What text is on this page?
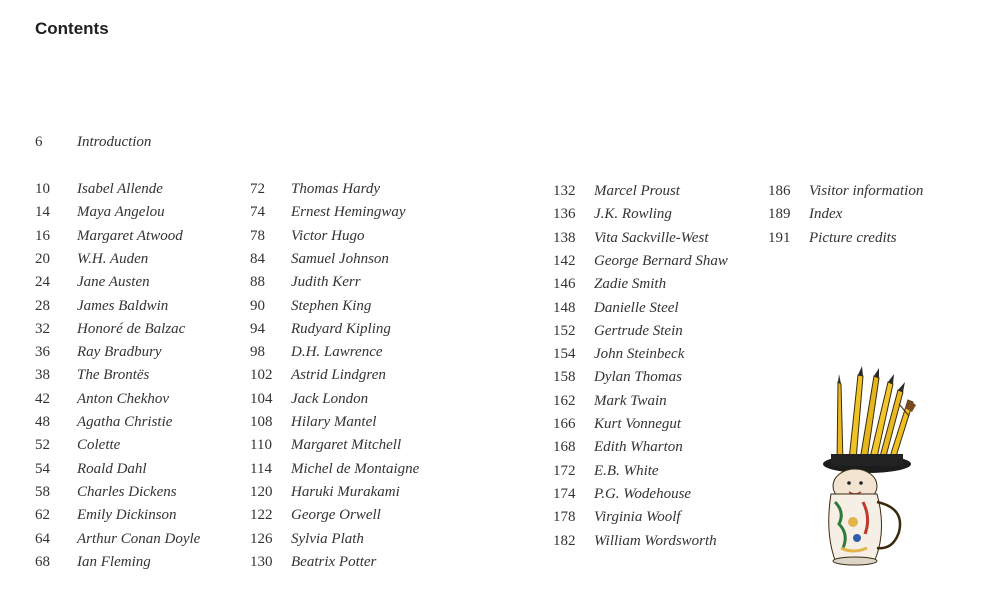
Contents
6 Introduction
10 Isabel Allende
14 Maya Angelou
16 Margaret Atwood
20 W.H. Auden
24 Jane Austen
28 James Baldwin
32 Honoré de Balzac
36 Ray Bradbury
38 The Brontës
42 Anton Chekhov
48 Agatha Christie
52 Colette
54 Roald Dahl
58 Charles Dickens
62 Emily Dickinson
64 Arthur Conan Doyle
68 Ian Fleming
72 Thomas Hardy
74 Ernest Hemingway
78 Victor Hugo
84 Samuel Johnson
88 Judith Kerr
90 Stephen King
94 Rudyard Kipling
98 D.H. Lawrence
102 Astrid Lindgren
104 Jack London
108 Hilary Mantel
110 Margaret Mitchell
114 Michel de Montaigne
120 Haruki Murakami
122 George Orwell
126 Sylvia Plath
130 Beatrix Potter
132 Marcel Proust
136 J.K. Rowling
138 Vita Sackville-West
142 George Bernard Shaw
146 Zadie Smith
148 Danielle Steel
152 Gertrude Stein
154 John Steinbeck
158 Dylan Thomas
162 Mark Twain
166 Kurt Vonnegut
168 Edith Wharton
172 E.B. White
174 P.G. Wodehouse
178 Virginia Woolf
182 William Wordsworth
186 Visitor information
189 Index
191 Picture credits
